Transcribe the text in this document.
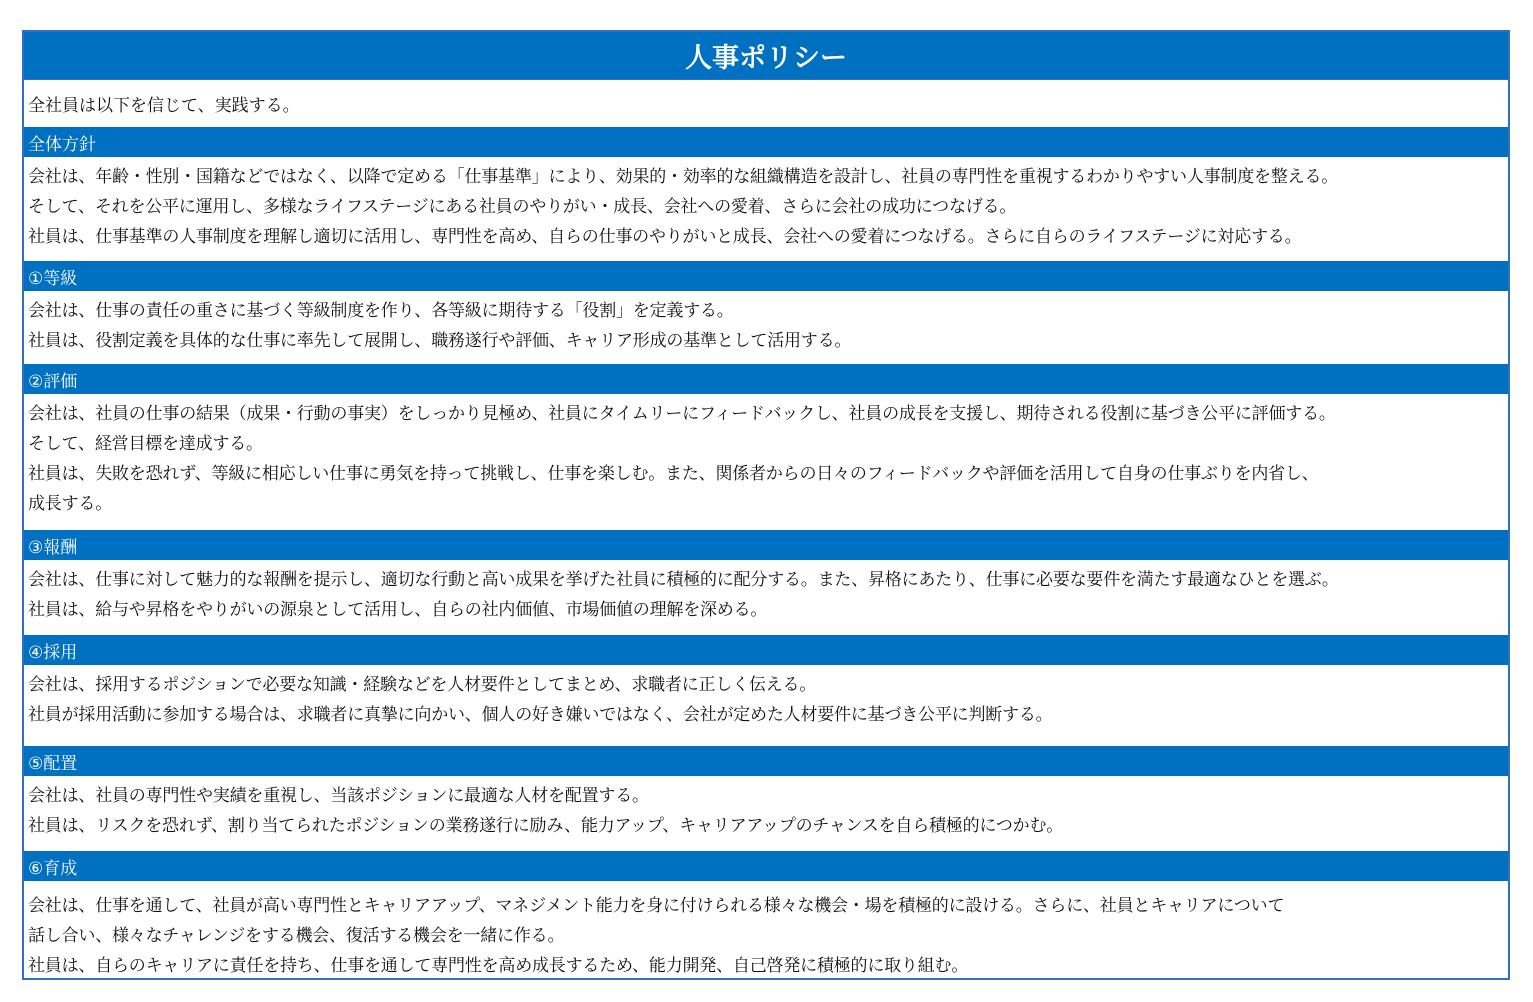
人事ポリシー
全社員は以下を信じて、実践する。
全体方針

会社は、年齢・性別・国籍などではなく、以降で定める「仕事基準」により、効果的・効率的な組織構造を設計し、社員の専門性を重視するわかりやすい人事制度を整える。

そして、それを公平に運用し、多様なライフステージにある社員のやりがい・成長、会社への愛着、さらに会社の成功につなげる。

社員は、仕事基準の人事制度を理解し適切に活用し、専門性を高め、自らの仕事のやりがいと成長、会社への愛着につなげる。さらに自らのライフステージに対応する。

①等級

会社は、仕事の責任の重さに基づく等級制度を作り、各等級に期待する「役割」を定義する。

社員は、役割定義を具体的な仕事に率先して展開し、職務遂行や評価、キャリア形成の基準として活用する。

②評価

会社は、社員の仕事の結果（成果・行動の事実）をしっかり見極め、社員にタイムリーにフィードバックし、社員の成長を支援し、期待される役割に基づき公平に評価する。

そして、経営目標を達成する。

社員は、失敗を恐れず、等級に相応しい仕事に勇気を持って挑戦し、仕事を楽しむ。また、関係者からの日々のフィードバックや評価を活用して自身の仕事ぶりを内省し、

成長する。

③報酬

会社は、仕事に対して魅力的な報酬を提示し、適切な行動と高い成果を挙げた社員に積極的に配分する。また、昇格にあたり、仕事に必要な要件を満たす最適なひとを選ぶ。

社員は、給与や昇格をやりがいの源泉として活用し、自らの社内価値、市場価値の理解を深める。

④採用

会社は、採用するポジションで必要な知識・経験などを人材要件としてまとめ、求職者に正しく伝える。

社員が採用活動に参加する場合は、求職者に真摯に向かい、個人の好き嫌いではなく、会社が定めた人材要件に基づき公平に判断する。

⑤配置

会社は、社員の専門性や実績を重視し、当該ポジションに最適な人材を配置する。

社員は、リスクを恐れず、割り当てられたポジションの業務遂行に励み、能力アップ、キャリアアップのチャンスを自ら積極的につかむ。

⑥育成

会社は、仕事を通して、社員が高い専門性とキャリアアップ、マネジメント能力を身に付けられる様々な機会・場を積極的に設ける。さらに、社員とキャリアについて

話し合い、様々なチャレンジをする機会、復活する機会を一緒に作る。

社員は、自らのキャリアに責任を持ち、仕事を通して専門性を高め成長するため、能力開発、自己啓発に積極的に取り組む。
